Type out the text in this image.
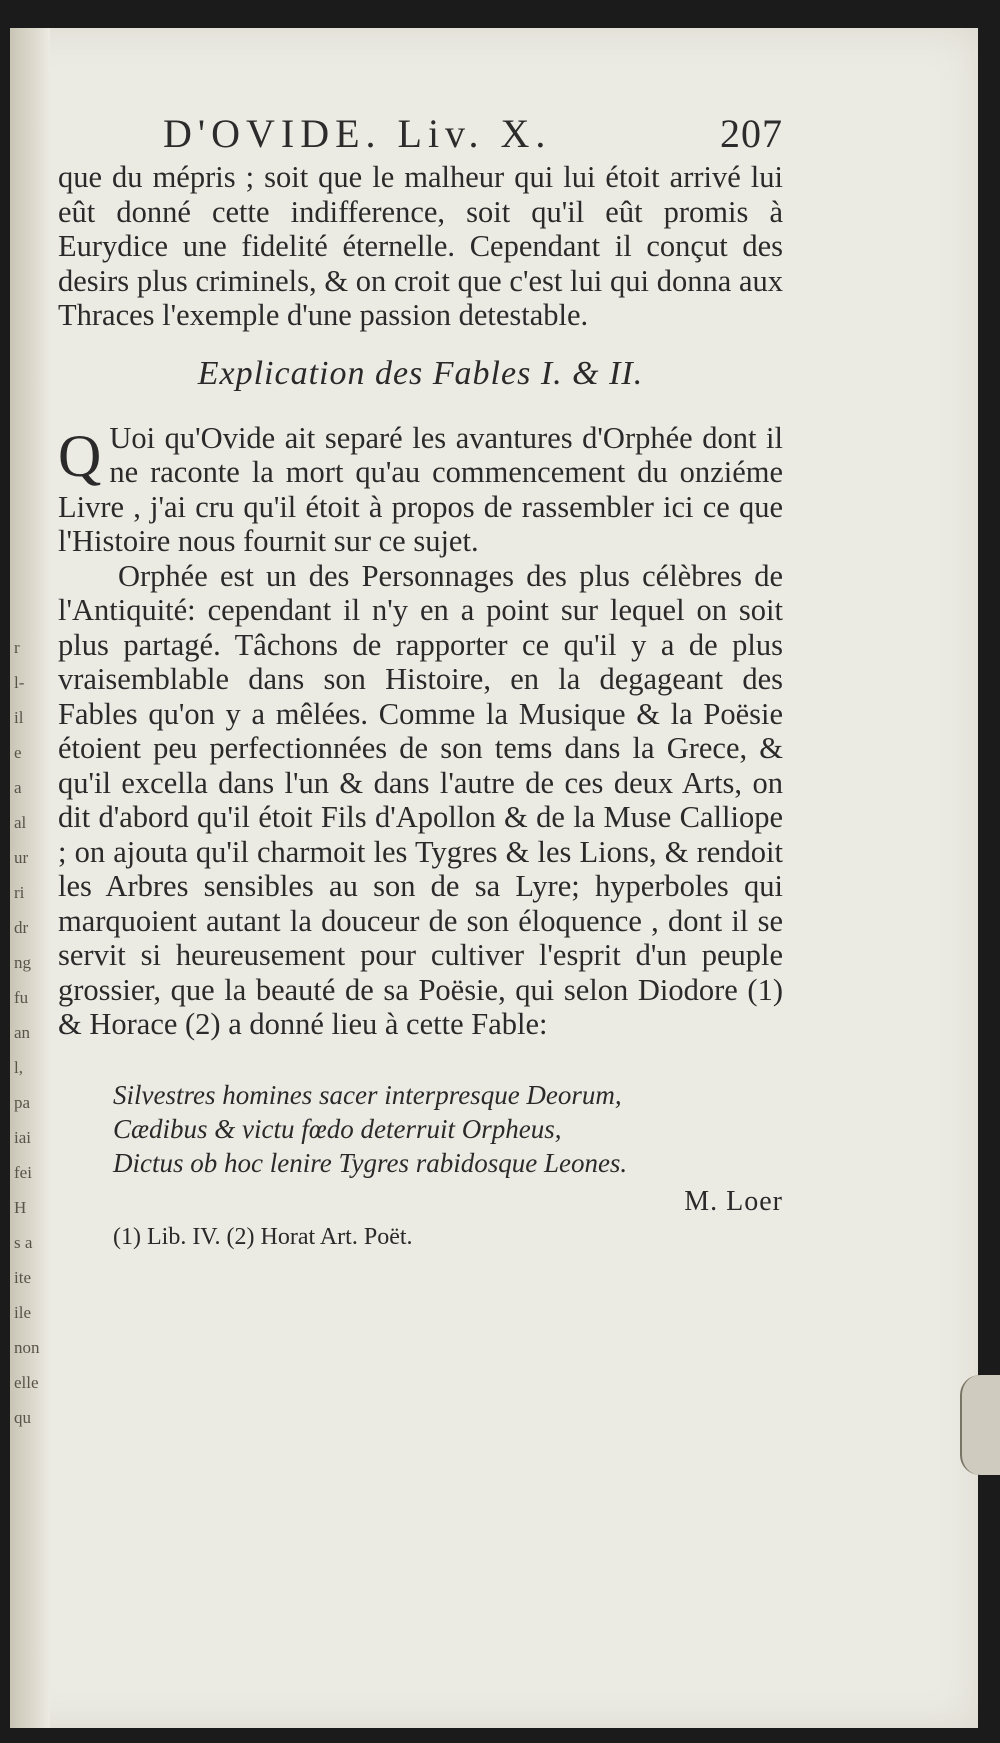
r
l-
il
e
a
al
ur
ri
dr
ng
fu
an
l,
pa
iai
fei
H
s a
ite
ile
non
elle
qu
D'OVIDE. Liv. X.	207

que du mépris ; soit que le malheur qui lui étoit arrivé lui eût donné cette indifference, soit qu'il eût promis à Eurydice une fidelité éternelle. Cependant il conçut des desirs plus criminels, & on croit que c'est lui qui donna aux Thraces l'exemple d'une passion detestable.

Explication des Fables I. & II.

Q Uoi qu'Ovide ait separé les avantures d'Orphée dont il ne raconte la mort qu'au commencement du onziéme Livre , j'ai cru qu'il étoit à propos de rassembler ici ce que l'Histoire nous fournit sur ce sujet.

Orphée est un des Personnages des plus célèbres de l'Antiquité: cependant il n'y en a point sur lequel on soit plus partagé. Tâchons de rapporter ce qu'il y a de plus vraisemblable dans son Histoire, en la degageant des Fables qu'on y a mêlées. Comme la Musique & la Poësie étoient peu perfectionnées de son tems dans la Grece, & qu'il excella dans l'un & dans l'autre de ces deux Arts, on dit d'abord qu'il étoit Fils d'Apollon & de la Muse Calliope ; on ajouta qu'il charmoit les Tygres & les Lions, & rendoit les Arbres sensibles au son de sa Lyre; hyperboles qui marquoient autant la douceur de son éloquence , dont il se servit si heureusement pour cultiver l'esprit d'un peuple grossier, que la beauté de sa Poësie, qui selon Diodore (1) & Horace (2) a donné lieu à cette Fable:

Silvestres homines sacer interpresque Deorum,
Cædibus & victu fœdo deterruit Orpheus,
Dictus ob hoc lenire Tygres rabidosque Leones.
M. Loer
(1) Lib. IV. (2) Horat Art. Poët.
